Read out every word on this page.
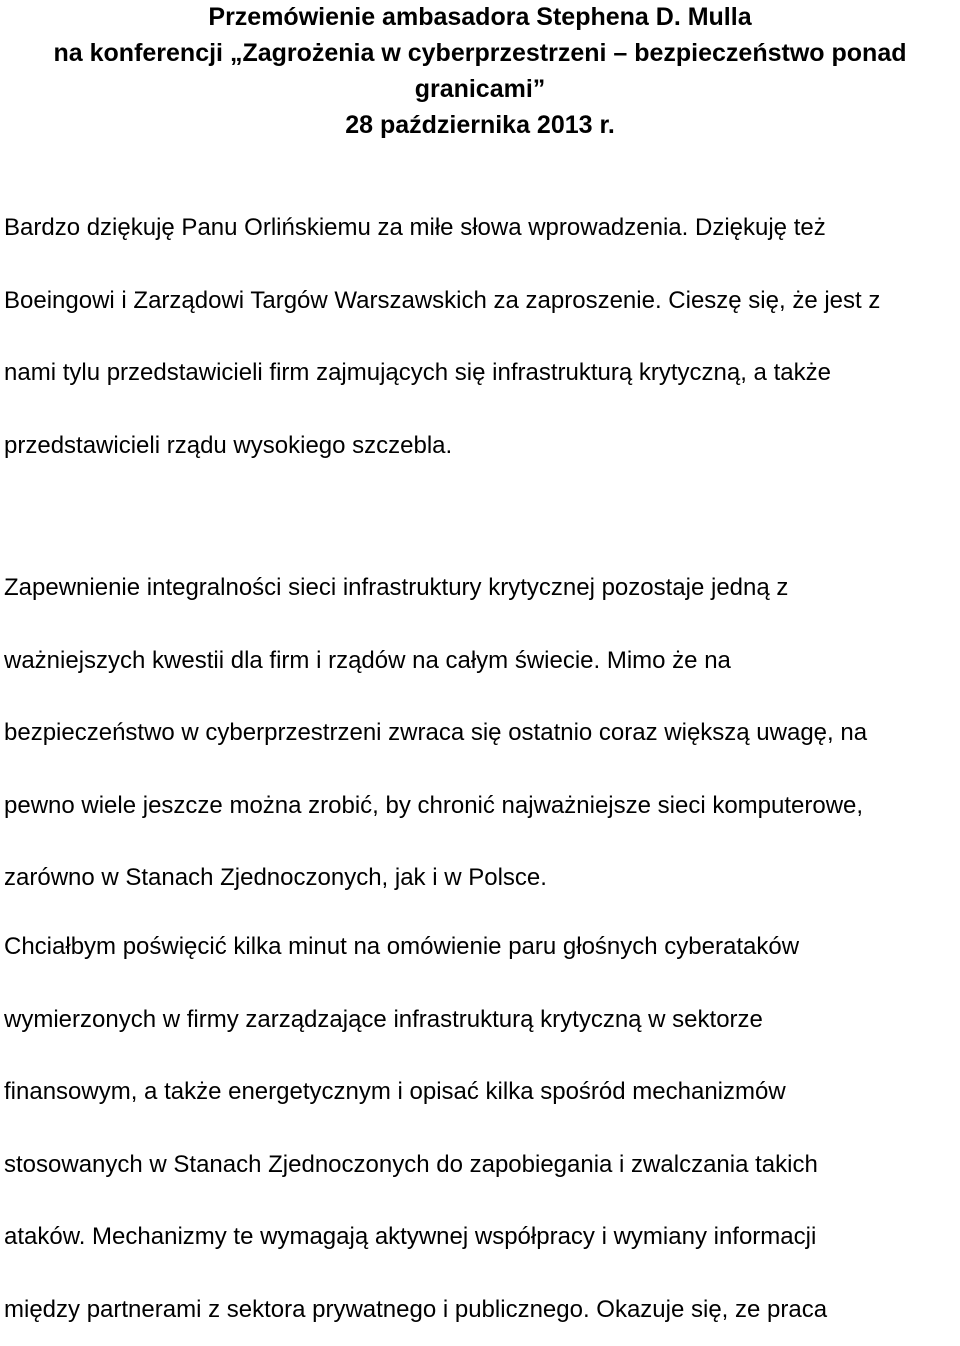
Przemówienie ambasadora Stephena D. Mulla
na konferencji „Zagrożenia w cyberprzestrzeni – bezpieczeństwo ponad
granicami”
28 października 2013 r.
Bardzo dziękuję Panu Orlińskiemu za miłe słowa wprowadzenia. Dziękuję też
Boeingowi i Zarządowi Targów Warszawskich za zaproszenie. Cieszę się, że jest z
nami tylu przedstawicieli firm zajmujących się infrastrukturą krytyczną, a także
przedstawicieli rządu wysokiego szczebla.
Zapewnienie integralności sieci infrastruktury krytycznej pozostaje jedną z
ważniejszych kwestii dla firm i rządów na całym świecie. Mimo że na
bezpieczeństwo w cyberprzestrzeni zwraca się ostatnio coraz większą uwagę, na
pewno wiele jeszcze można zrobić, by chronić najważniejsze sieci komputerowe,
zarówno w Stanach Zjednoczonych, jak i w Polsce.
Chciałbym poświęcić kilka minut na omówienie paru głośnych cyberataków
wymierzonych w firmy zarządzające infrastrukturą krytyczną w sektorze
finansowym, a także energetycznym i opisać kilka spośród mechanizmów
stosowanych w Stanach Zjednoczonych do zapobiegania i zwalczania takich
ataków. Mechanizmy te wymagają aktywnej współpracy i wymiany informacji
między partnerami z sektora prywatnego i publicznego. Okazuje się, ze praca
